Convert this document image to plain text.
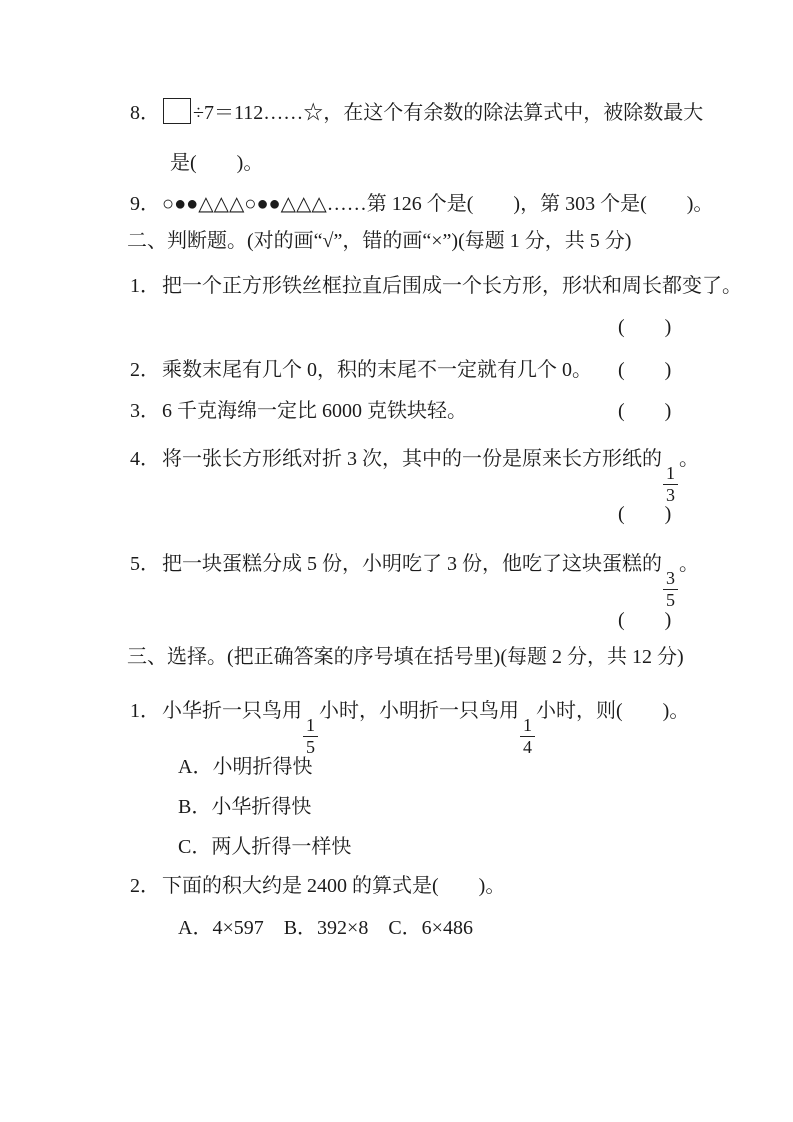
8． ÷7＝112……☆，在这个有余数的除法算式中，被除数最大
是(　　)。
9． ○●●△△△○●●△△△……第 126 个是(　　)，第 303 个是(　　)。
二、判断题。(对的画“√”，错的画“×”)(每题 1 分，共 5 分)
1． 把一个正方形铁丝框拉直后围成一个长方形，形状和周长都变了。
(　　)
2． 乘数末尾有几个 0，积的末尾不一定就有几个 0。 (　　)
3． 6 千克海绵一定比 6000 克铁块轻。	(　　)
4． 将一张长方形纸对折 3 次，其中的一份是原来长方形纸的
$\frac{1}{3}$
。
(　　)
5． 把一块蛋糕分成 5 份，小明吃了 3 份，他吃了这块蛋糕的
$\frac{3}{5}$
。
(　　)
三、选择。(把正确答案的序号填在括号里)(每题 2 分，共 12 分)
1． 小华折一只鸟用
$\frac{1}{5}$
小时，小明折一只鸟用
$\frac{1}{4}$
小时，则(　　)。
A．小明折得快
B．小华折得快
C．两人折得一样快
2． 下面的积大约是 2400 的算式是(　　)。
A．4×597　B．392×8　C．6×486
